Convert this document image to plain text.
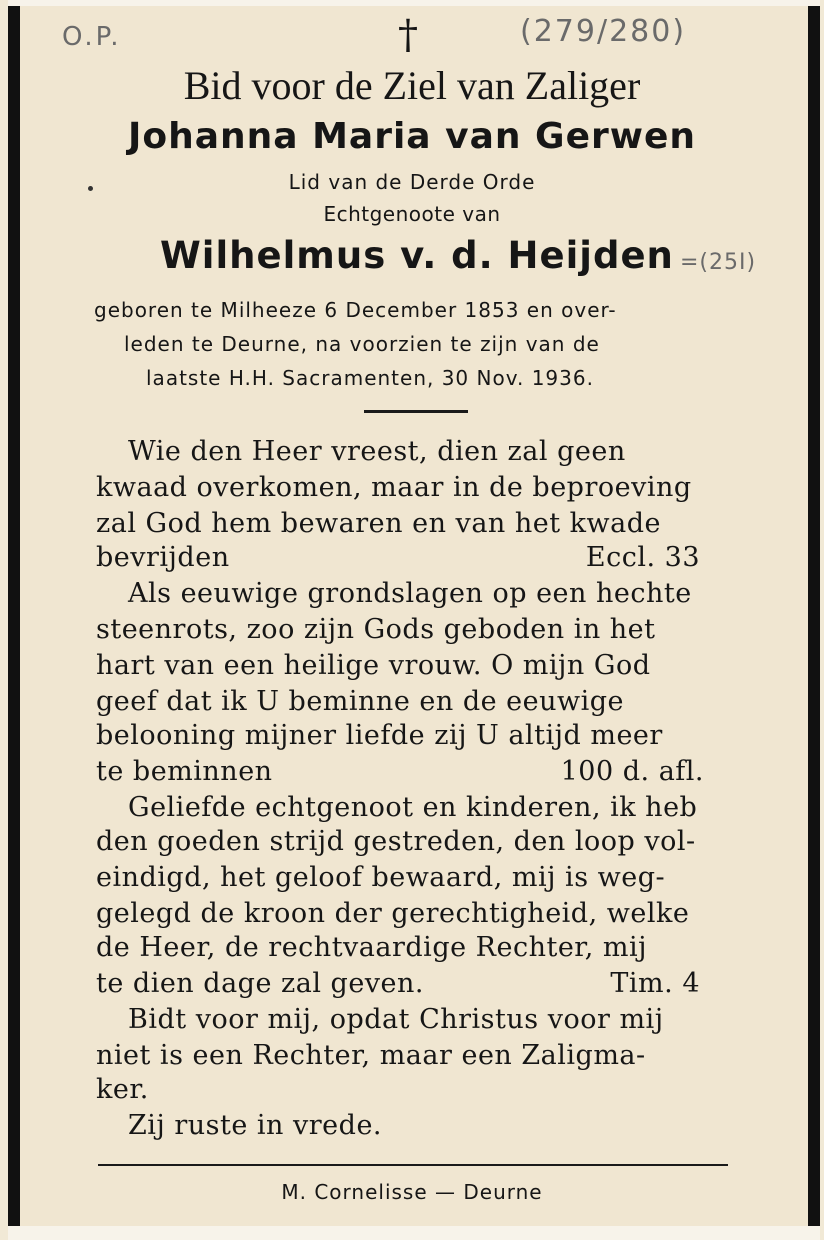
O.P.	(279/280)
=(25I)
†
Bid voor de Ziel van Zaliger
Johanna Maria van Gerwen
Lid van de Derde Orde
Echtgenoote van
Wilhelmus v. d. Heijden
geboren te Milheeze 6 December 1853 en over-
leden te Deurne, na voorzien te zijn van de
laatste H.H. Sacramenten, 30 Nov. 1936.
Wie den Heer vreest, dien zal geen
kwaad overkomen, maar in de beproeving
zal God hem bewaren en van het kwade
bevrijden	Eccl. 33
Als eeuwige grondslagen op een hechte
steenrots, zoo zijn Gods geboden in het
hart van een heilige vrouw. O mijn God
geef dat ik U beminne en de eeuwige
belooning mijner liefde zij U altijd meer
te beminnen	100 d. afl.
Geliefde echtgenoot en kinderen, ik heb
den goeden strijd gestreden, den loop vol-
eindigd, het geloof bewaard, mij is weg-
gelegd de kroon der gerechtigheid, welke
de Heer, de rechtvaardige Rechter, mij
te dien dage zal geven.	Tim. 4
Bidt voor mij, opdat Christus voor mij
niet is een Rechter, maar een Zaligma-
ker.
Zij ruste in vrede.
M. Cornelisse — Deurne
